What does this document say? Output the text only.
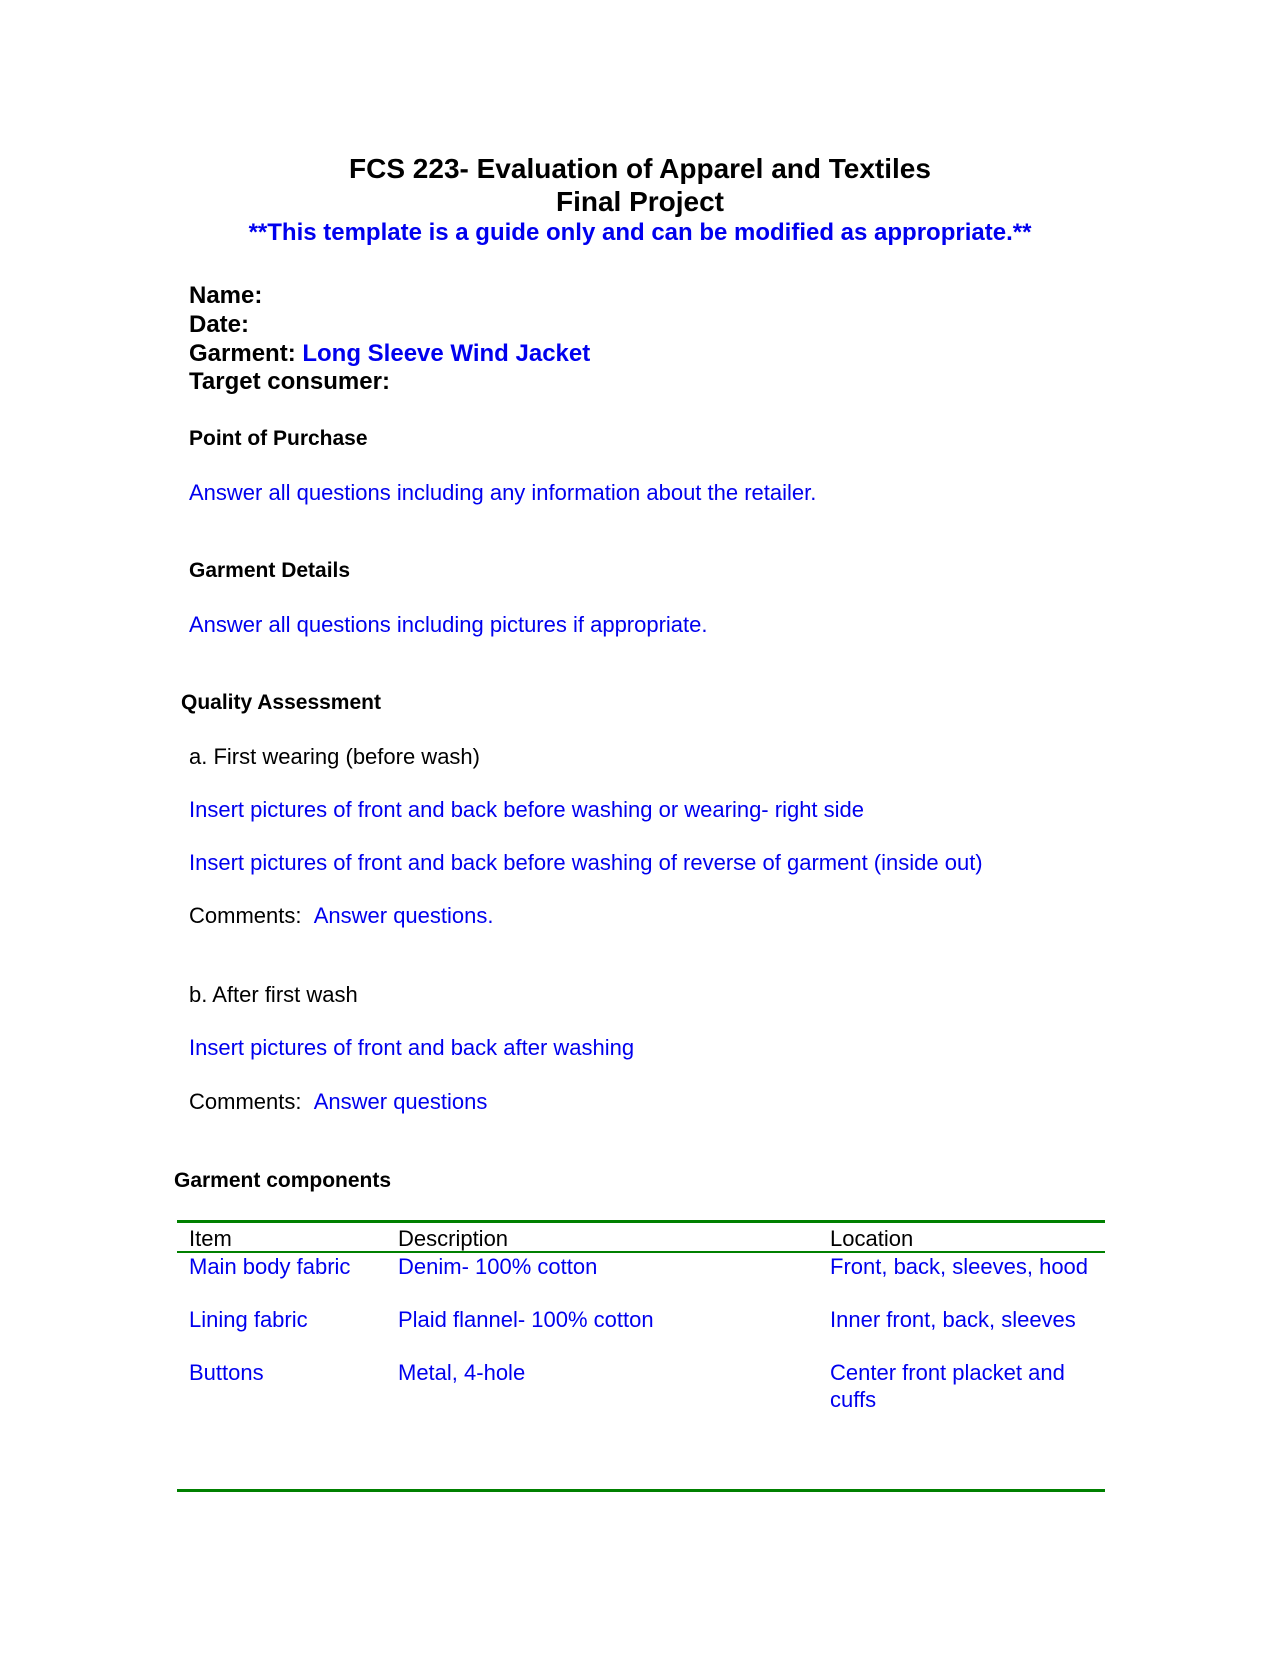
FCS 223- Evaluation of Apparel and Textiles
Final Project
**This template is a guide only and can be modified as appropriate.**
Name:
Date:
Garment: Long Sleeve Wind Jacket
Target consumer:
Point of Purchase
Answer all questions including any information about the retailer.
Garment Details
Answer all questions including pictures if appropriate.
Quality Assessment
a. First wearing (before wash)
Insert pictures of front and back before washing or wearing- right side
Insert pictures of front and back before washing of reverse of garment (inside out)
Comments: Answer questions.
b. After first wash
Insert pictures of front and back after washing
Comments: Answer questions
Garment components
Item	Description	Location
Main body fabric	Denim- 100% cotton	Front, back, sleeves, hood
Lining fabric	Plaid flannel- 100% cotton	Inner front, back, sleeves
Buttons	Metal, 4-hole	Center front placket and cuffs
